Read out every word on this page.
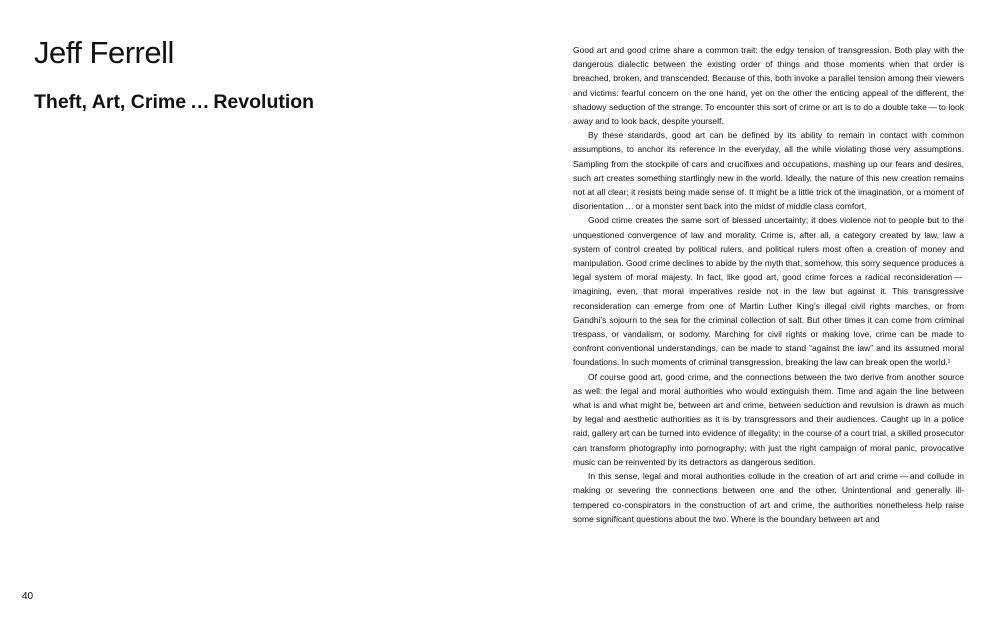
Jeff Ferrell
Theft, Art, Crime … Revolution

Good art and good crime share a common trait: the edgy tension of transgression. Both play with the dangerous dialectic between the existing order of things and those moments when that order is breached, broken, and transcended. Because of this, both invoke a parallel tension among their viewers and victims: fearful concern on the one hand, yet on the other the enticing appeal of the different, the shadowy seduction of the strange. To encounter this sort of crime or art is to do a double take — to look away and to look back, despite yourself.

By these standards, good art can be defined by its ability to remain in contact with common assumptions, to anchor its reference in the everyday, all the while violating those very assumptions. Sampling from the stockpile of cars and crucifixes and occupations, mashing up our fears and desires, such art creates something startlingly new in the world. Ideally, the nature of this new creation remains not at all clear; it resists being made sense of. It might be a little trick of the imagination, or a moment of disorientation … or a monster sent back into the midst of middle class comfort.

Good crime creates the same sort of blessed uncertainty; it does violence not to people but to the unquestioned convergence of law and morality. Crime is, after all, a category created by law, law a system of control created by political rulers, and political rulers most often a creation of money and manipulation. Good crime declines to abide by the myth that, somehow, this sorry sequence produces a legal system of moral majesty. In fact, like good art, good crime forces a radical reconsideration — imagining, even, that moral imperatives reside not in the law but against it. This transgressive reconsideration can emerge from one of Martin Luther King’s illegal civil rights marches, or from Gandhi’s sojourn to the sea for the criminal collection of salt. But other times it can come from criminal trespass, or vandalism, or sodomy. Marching for civil rights or making love, crime can be made to confront conventional understandings, can be made to stand “against the law” and its assumed moral foundations. In such moments of criminal transgression, breaking the law can break open the world.¹

Of course good art, good crime, and the connections between the two derive from another source as well: the legal and moral authorities who would extinguish them. Time and again the line between what is and what might be, between art and crime, between seduction and revulsion is drawn as much by legal and aesthetic authorities as it is by transgressors and their audiences. Caught up in a police raid, gallery art can be turned into evidence of illegality; in the course of a court trial, a skilled prosecutor can transform photography into pornography; with just the right campaign of moral panic, provocative music can be reinvented by its detractors as dangerous sedition.

In this sense, legal and moral authorities collude in the creation of art and crime — and collude in making or severing the connections between one and the other. Unintentional and generally ill-tempered co-conspirators in the construction of art and crime, the authorities nonetheless help raise some significant questions about the two. Where is the boundary between art and

40
